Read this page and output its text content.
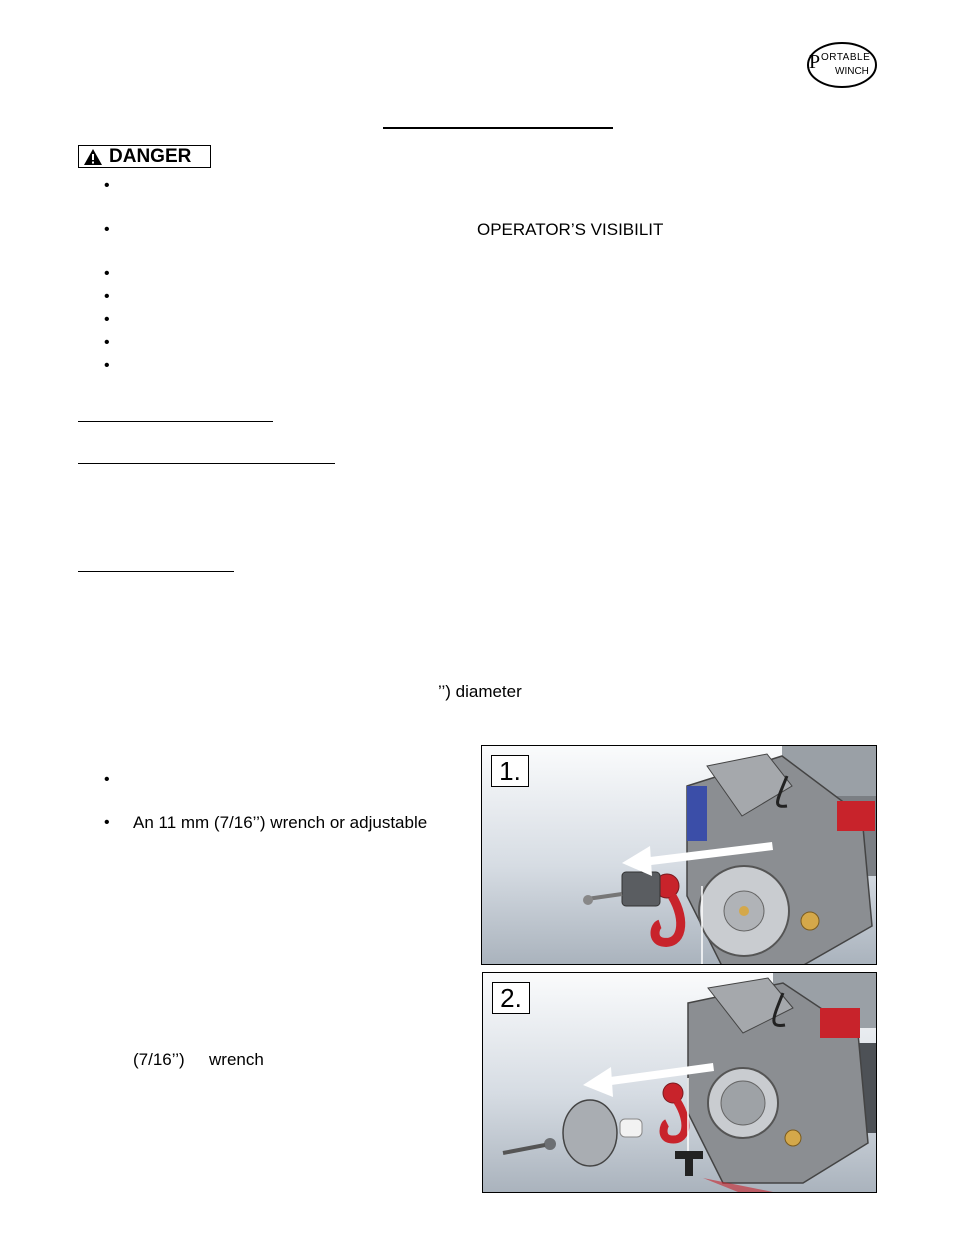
P ORTABLE
WINCH
DANGER
•
•	OPERATOR’S VISIBILIT
•
•
•
•
•
’’) diameter
•
• An 11 mm (7/16’’) wrench or adjustable
(7/16’’) wrench
1.
2.
